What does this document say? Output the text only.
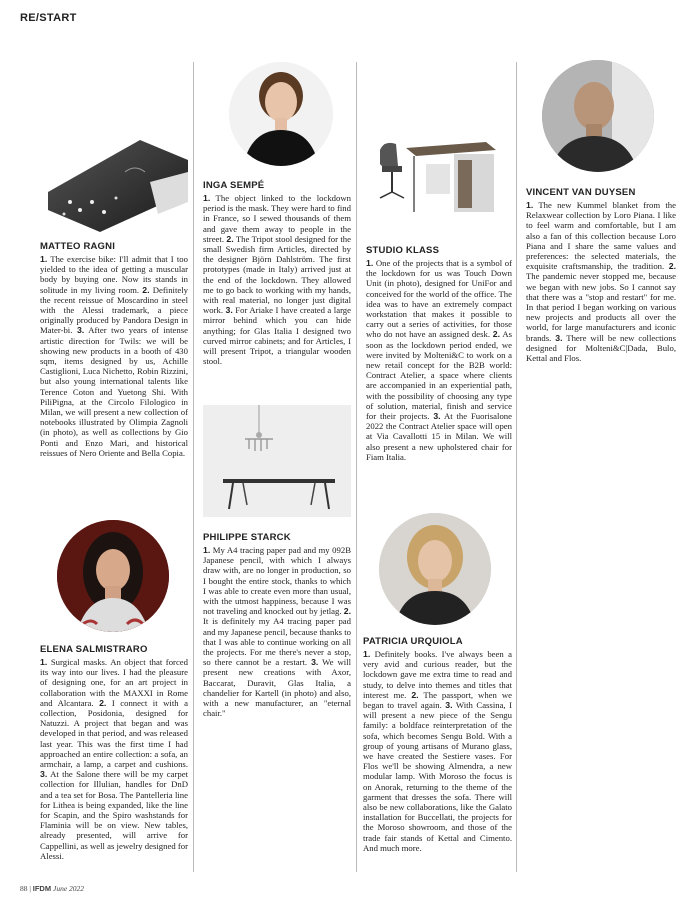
RE/START
MATTEO RAGNI

1. The exercise bike: I'll admit that I too yielded to the idea of getting a muscular body by buying one. Now its stands in solitude in my living room. 2. Definitely the recent reissue of Moscardino in steel with the Alessi trademark, a piece originally produced by Pandora Design in Mater-bi. 3. After two years of intense artistic direction for Twils: we will be showing new products in a booth of 430 sqm, items designed by us, Achille Castiglioni, Luca Nichetto, Robin Rizzini, but also young international talents like Terence Coton and Yuetong Shi. With PiliPigna, at the Circolo Filologico in Milan, we will present a new collection of notebooks illustrated by Olimpia Zagnoli (in photo), as well as collections by Gio Ponti and Enzo Mari, and historical reissues of Nero Oriente and Bella Copia.

ELENA SALMISTRARO

1. Surgical masks. An object that forced its way into our lives. I had the pleasure of designing one, for an art project in collaboration with the MAXXI in Rome and Alcantara. 2. I connect it with a collection, Posidonia, designed for Natuzzi. A project that began and was developed in that period, and was released last year. This was the first time I had approached an entire collection: a sofa, an armchair, a lamp, a carpet and cushions. 3. At the Salone there will be my carpet collection for Illulian, handles for DnD and a tea set for Bosa. The Pantelleria line for Lithea is being expanded, like the line for Scapin, and the Spiro washstands for Flaminia will be on view. New tables, already presented, will arrive for Cappellini, as well as jewelry designed for Alessi.

INGA SEMPÉ

1. The object linked to the lockdown period is the mask. They were hard to find in France, so I sewed thousands of them and gave them away to people in the street. 2. The Tripot stool designed for the small Swedish firm Articles, directed by the designer Björn Dahlström. The first prototypes (made in Italy) arrived just at the end of the lockdown. They allowed me to go back to working with my hands, with real material, no longer just digital work. 3. For Ariake I have created a large mirror behind which you can hide anything; for Glas Italia I designed two curved mirror cabinets; and for Articles, I will present Tripot, a triangular wooden stool.

PHILIPPE STARCK

1. My A4 tracing paper pad and my 092B Japanese pencil, with which I always draw with, are no longer in production, so I bought the entire stock, thanks to which I was able to create even more than usual, with the utmost happiness, because I was not traveling and knocked out by jetlag. 2. It is definitely my A4 tracing paper pad and my Japanese pencil, because thanks to that I was able to continue working on all the projects. For me there's never a stop, so there cannot be a restart. 3. We will present new creations with Axor, Baccarat, Duravit, Glas Italia, a chandelier for Kartell (in photo) and also, with a new manufacturer, an "eternal chair."

STUDIO KLASS

1. One of the projects that is a symbol of the lockdown for us was Touch Down Unit (in photo), designed for UniFor and conceived for the world of the office. The idea was to have an extremely compact workstation that makes it possible to carry out a series of activities, for those who do not have an assigned desk. 2. As soon as the lockdown period ended, we were invited by Molteni&C to work on a new retail concept for the B2B world: Contract Atelier, a space where clients are accompanied in an experiential path, with the possibility of choosing any type of solution, material, finish and service for their projects. 3. At the Fuorisalone 2022 the Contract Atelier space will open at Via Cavallotti 15 in Milan. We will also present a new upholstered chair for Fiam Italia.

PATRICIA URQUIOLA

1. Definitely books. I've always been a very avid and curious reader, but the lockdown gave me extra time to read and study, to delve into themes and titles that interest me. 2. The passport, when we began to travel again. 3. With Cassina, I will present a new piece of the Sengu family: a boldface reinterpretation of the sofa, which becomes Sengu Bold. With a group of young artisans of Murano glass, we have created the Sestiere vases. For Flos we'll be showing Almendra, a new modular lamp. With Moroso the focus is on Anorak, returning to the theme of the garment that dresses the sofa. There will also be new collaborations, like the Galato installation for Buccellati, the projects for the Moroso showroom, and those of the trade fair stands of Kettal and Cimento. And much more.

VINCENT VAN DUYSEN

1. The new Kummel blanket from the Relaxwear collection by Loro Piana. I like to feel warm and comfortable, but I am also a fan of this collection because Loro Piana and I share the same values and preferences: the selected materials, the exquisite craftsmanship, the tradition. 2. The pandemic never stopped me, because we began with new jobs. So I cannot say that there was a "stop and restart" for me. In that period I began working on various new projects and products all over the world, for large manufacturers and iconic brands. 3. There will be new collections designed for Molteni&C|Dada, Bulo, Kettal and Flos.

88 | IFDM June 2022
